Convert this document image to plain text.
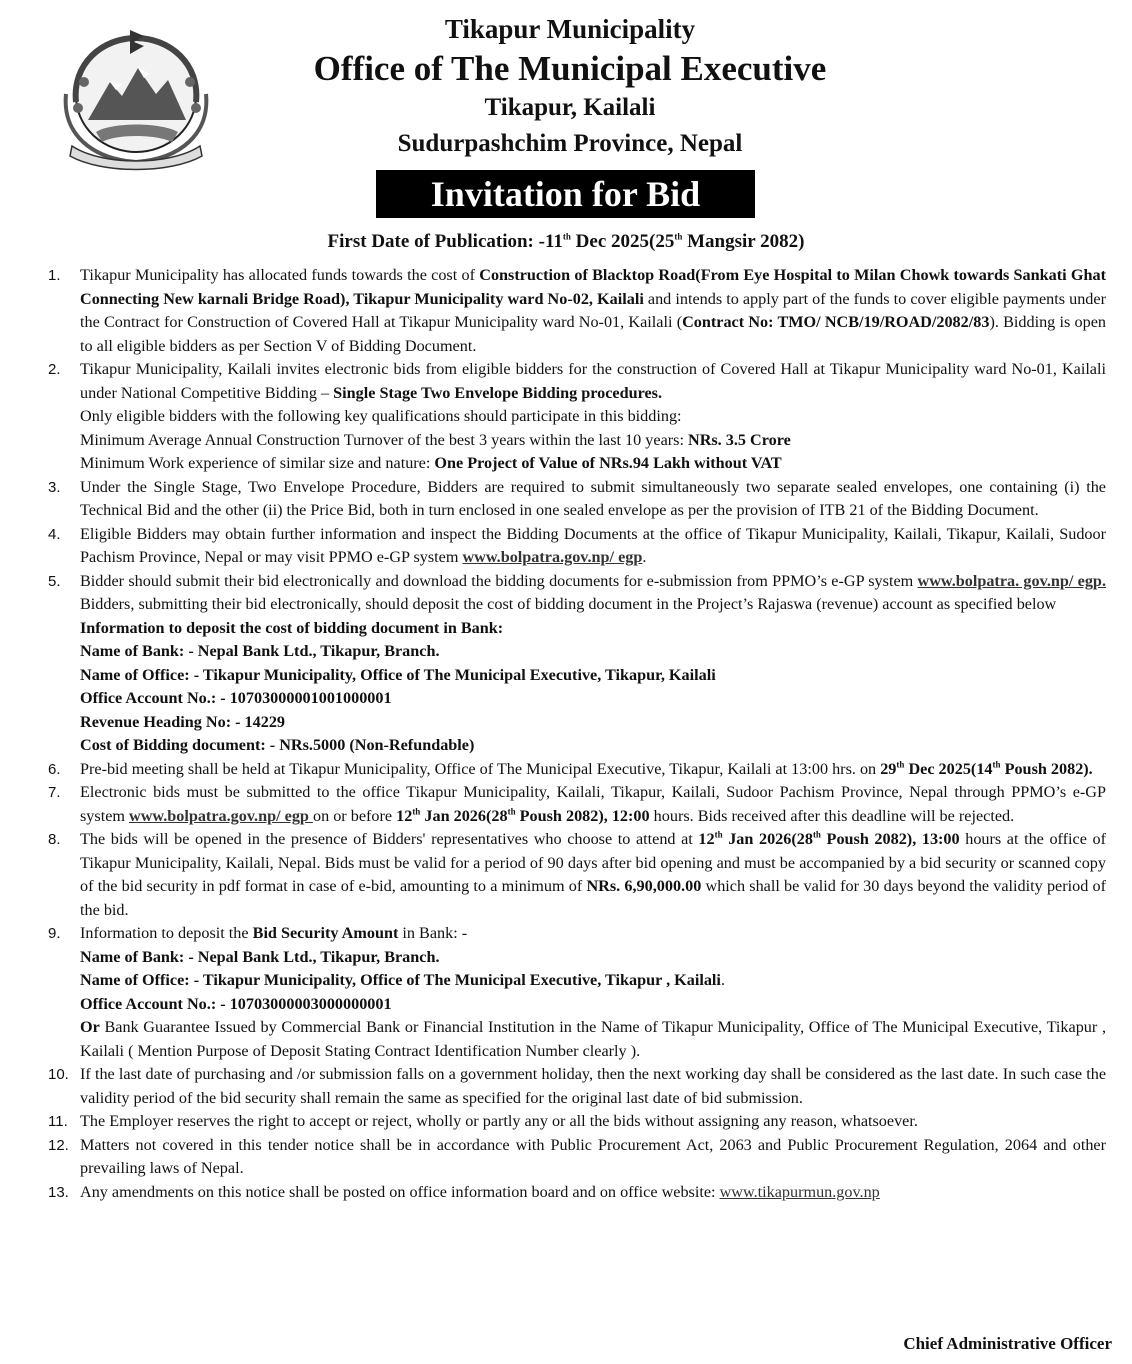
Tikapur Municipality
Office of The Municipal Executive
Tikapur, Kailali
Sudurpashchim Province, Nepal
Invitation for Bid
First Date of Publication: -11th Dec 2025(25th Mangsir 2082)
1. Tikapur Municipality has allocated funds towards the cost of Construction of Blacktop Road(From Eye Hospital to Milan Chowk towards Sankati Ghat Connecting New karnali Bridge Road), Tikapur Municipality ward No-02, Kailali and intends to apply part of the funds to cover eligible payments under the Contract for Construction of Covered Hall at Tikapur Municipality ward No-01, Kailali (Contract No: TMO/ NCB/19/ROAD/2082/83). Bidding is open to all eligible bidders as per Section V of Bidding Document.
2. Tikapur Municipality, Kailali invites electronic bids from eligible bidders for the construction of Covered Hall at Tikapur Municipality ward No-01, Kailali under National Competitive Bidding – Single Stage Two Envelope Bidding procedures.
Only eligible bidders with the following key qualifications should participate in this bidding:
Minimum Average Annual Construction Turnover of the best 3 years within the last 10 years: NRs. 3.5 Crore
Minimum Work experience of similar size and nature: One Project of Value of NRs.94 Lakh without VAT
3. Under the Single Stage, Two Envelope Procedure, Bidders are required to submit simultaneously two separate sealed envelopes, one containing (i) the Technical Bid and the other (ii) the Price Bid, both in turn enclosed in one sealed envelope as per the provision of ITB 21 of the Bidding Document.
4. Eligible Bidders may obtain further information and inspect the Bidding Documents at the office of Tikapur Municipality, Kailali, Tikapur, Kailali, Sudoor Pachism Province, Nepal or may visit PPMO e-GP system www.bolpatra.gov.np/ egp.
5. Bidder should submit their bid electronically and download the bidding documents for e-submission from PPMO’s e-GP system www.bolpatra. gov.np/ egp. Bidders, submitting their bid electronically, should deposit the cost of bidding document in the Project’s Rajaswa (revenue) account as specified below
Information to deposit the cost of bidding document in Bank:
Name of Bank: - Nepal Bank Ltd., Tikapur, Branch.
Name of Office: - Tikapur Municipality, Office of The Municipal Executive, Tikapur, Kailali
Office Account No.: - 10703000001001000001
Revenue Heading No: - 14229
Cost of Bidding document: - NRs.5000 (Non-Refundable)
6. Pre-bid meeting shall be held at Tikapur Municipality, Office of The Municipal Executive, Tikapur, Kailali at 13:00 hrs. on 29th Dec 2025(14th Poush 2082).
7. Electronic bids must be submitted to the office Tikapur Municipality, Kailali, Tikapur, Kailali, Sudoor Pachism Province, Nepal through PPMO’s e-GP system www.bolpatra.gov.np/ egp on or before 12th Jan 2026(28th Poush 2082), 12:00 hours. Bids received after this deadline will be rejected.
8. The bids will be opened in the presence of Bidders' representatives who choose to attend at 12th Jan 2026(28th Poush 2082), 13:00 hours at the office of Tikapur Municipality, Kailali, Nepal. Bids must be valid for a period of 90 days after bid opening and must be accompanied by a bid security or scanned copy of the bid security in pdf format in case of e-bid, amounting to a minimum of NRs. 6,90,000.00 which shall be valid for 30 days beyond the validity period of the bid.
9. Information to deposit the Bid Security Amount in Bank: -
Name of Bank: - Nepal Bank Ltd., Tikapur, Branch.
Name of Office: - Tikapur Municipality, Office of The Municipal Executive, Tikapur , Kailali.
Office Account No.: - 10703000003000000001
Or Bank Guarantee Issued by Commercial Bank or Financial Institution in the Name of Tikapur Municipality, Office of The Municipal Executive, Tikapur , Kailali ( Mention Purpose of Deposit Stating Contract Identification Number clearly ).
10. If the last date of purchasing and /or submission falls on a government holiday, then the next working day shall be considered as the last date. In such case the validity period of the bid security shall remain the same as specified for the original last date of bid submission.
11. The Employer reserves the right to accept or reject, wholly or partly any or all the bids without assigning any reason, whatsoever.
12. Matters not covered in this tender notice shall be in accordance with Public Procurement Act, 2063 and Public Procurement Regulation, 2064 and other prevailing laws of Nepal.
13. Any amendments on this notice shall be posted on office information board and on office website: www.tikapurmun.gov.np
Chief Administrative Officer
